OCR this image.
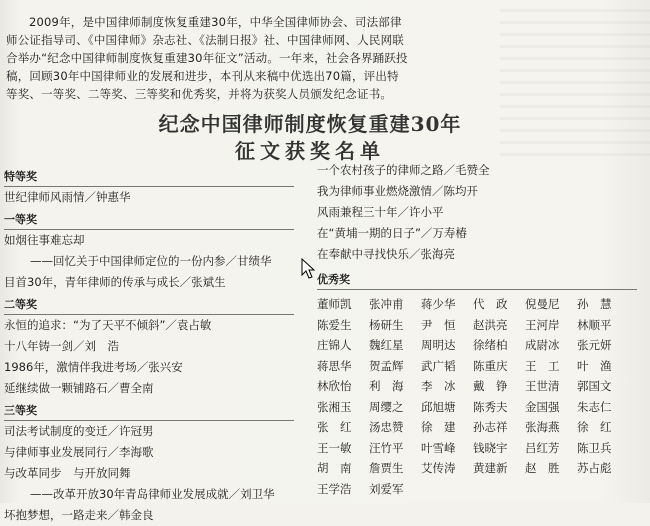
2009年，是中国律师制度恢复重建30年，中华全国律师协会、司法部律师公证指导司、《中国律师》杂志社、《法制日报》社、中国律师网、人民网联合举办“纪念中国律师制度恢复重建30年征文”活动。一年来，社会各界踊跃投稿，回顾30年中国律师业的发展和进步，本刊从来稿中优选出70篇，评出特等奖、一等奖、二等奖、三等奖和优秀奖，并将为获奖人员颁发纪念证书。

纪念中国律师制度恢复重建30年
征文获奖名单
特等奖
世纪律师风雨情／钟惠华
一等奖
如烟往事难忘却
——回忆关于中国律师定位的一份内参／甘绩华
目首30年，青年律师的传承与成长／张斌生
二等奖
永恒的追求：“为了天平不倾斜”／袁占敏
十八年铸一剑／刘　浩
1986年，激情伴我进考场／张兴安
延继续做一颗铺路石／曹全南
三等奖
司法考试制度的变迁／许冠男
与律师事业发展同行／李海歌
与改革同步　与开放同舞
——改革开放30年青岛律师业发展成就／刘卫华
坏抱梦想，一路走来／韩金良
一个农村孩子的律师之路／毛赞全
我为律师事业燃烧激情／陈均开
风雨兼程三十年／许小平
在“黄埔一期的日子”／万寿椿
在奉献中寻找快乐／张海亮
优秀奖
董师凯	张冲甫	蒋少华	代　政	倪曼尼	孙　慧
陈爱生	杨研生	尹　恒	赵洪亮	王河岸	林顺平
庄锦人	魏红星	周明达	徐绪柏	成尉冰	张元妍
蒋思华	贺孟辉	武广韬	陈重庆	王　工	叶　渔
林欣怡	利　海	李　冰	戴　铮	王世清	郭国文
张湘玉	周缨之	邱旭塘	陈秀夫	金国强	朱志仁
张　红	汤忠赞	徐　建	孙志祥	张海燕	徐　红
王一敏	汪竹平	叶雪峰	钱晓宇	吕红芳	陈卫兵
胡　南	詹贾生	艾传涛	黄建新	赵　胜	苏占彪
王学浩	刘爱军
